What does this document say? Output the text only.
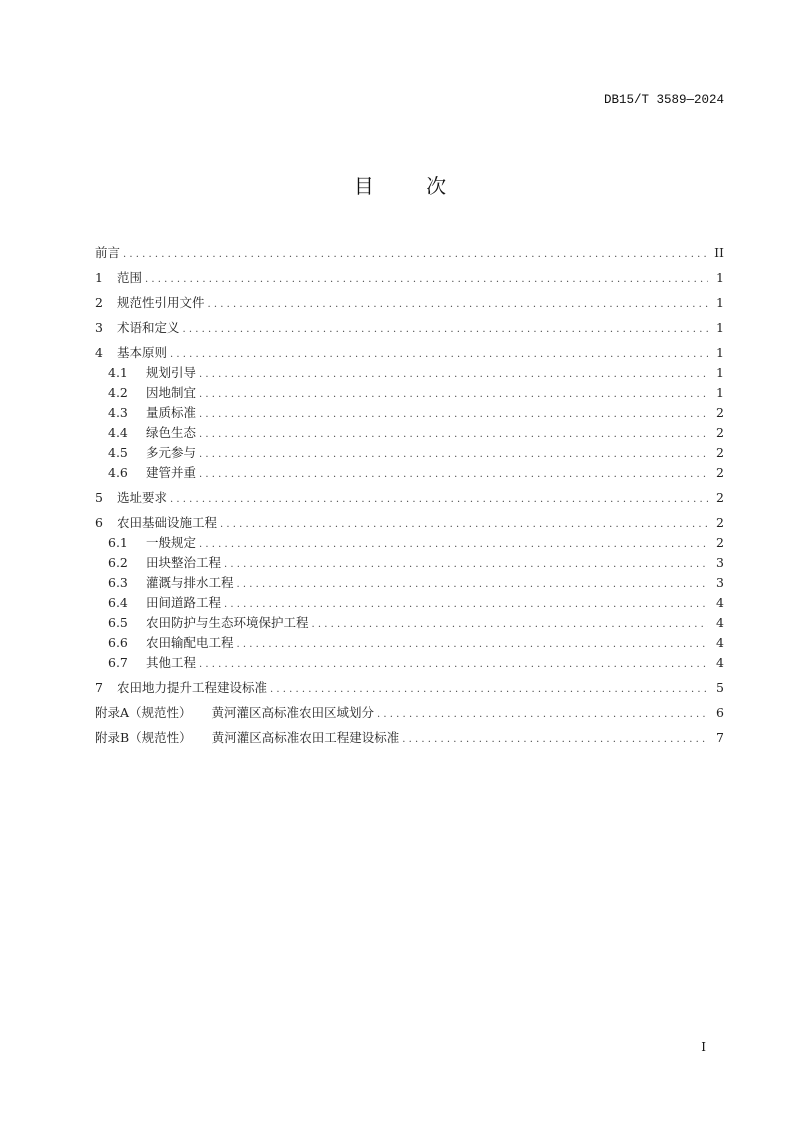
DB15/T 3589—2024
目	次
前言 .....	II
1	范围 .....	1
2	规范性引用文件 .....	1
3	术语和定义 .....	1
4	基本原则 .....	1
4.1	规划引导 .....	1
4.2	因地制宜 .....	1
4.3	量质标准 .....	2
4.4	绿色生态 .....	2
4.5	多元参与 .....	2
4.6	建管并重 .....	2
5	选址要求 .....	2
6	农田基础设施工程 .....	2
6.1	一般规定 .....	2
6.2	田块整治工程 .....	3
6.3	灌溉与排水工程 .....	3
6.4	田间道路工程 .....	4
6.5	农田防护与生态环境保护工程 .....	4
6.6	农田输配电工程 .....	4
6.7	其他工程 .....	4
7	农田地力提升工程建设标准 .....	5
附录A（规范性） 黄河灌区高标准农田区域划分 .....	6
附录B（规范性） 黄河灌区高标准农田工程建设标准 .....	7
I
